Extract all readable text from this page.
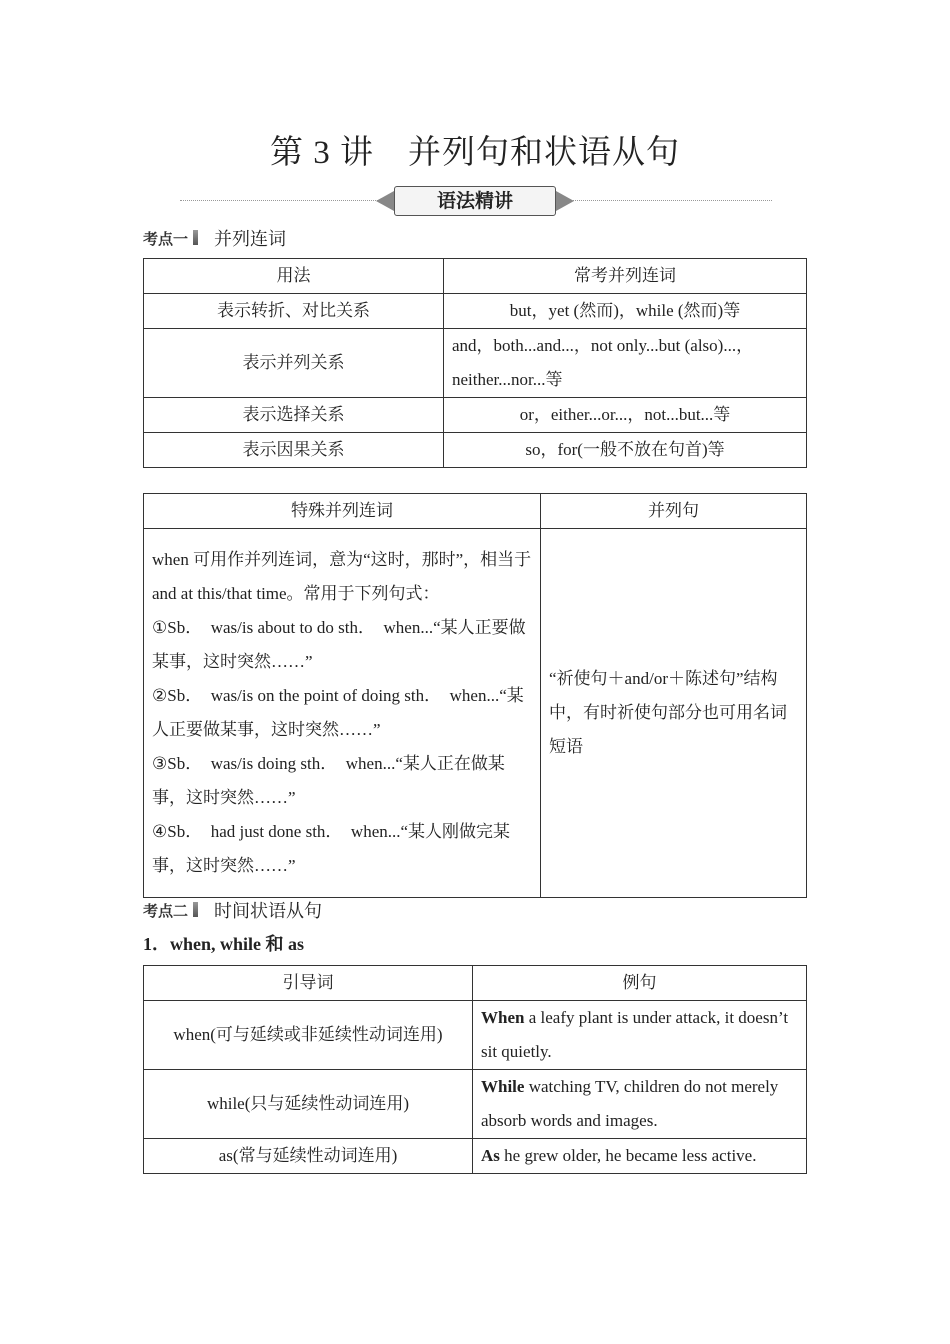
第 3 讲　并列句和状语从句
语法精讲
考点一	并列连词
用法	常考并列连词
表示转折、对比关系	but，yet (然而)，while (然而)等
表示并列关系	and，both...and...，not only...but (also)...，neither...nor...等
表示选择关系	or，either...or...，not...but...等
表示因果关系	so，for(一般不放在句首)等
特殊并列连词	并列句

when 可用作并列连词，意为“这时，那时”，相当于 and at this/that time。常用于下列句式：
①Sb．　was/is about to do sth．　when...“某人正要做某事，这时突然……”
②Sb．　was/is on the point of doing sth．　when...“某人正要做某事，这时突然……”
③Sb．　was/is doing sth．　when...“某人正在做某事，这时突然……”
④Sb．　had just done sth．　when...“某人刚做完某事，这时突然……”	“祈使句＋and/or＋陈述句”结构中，有时祈使句部分也可用名词短语
考点二	时间状语从句
1．when, while 和 as
引导词	例句
when(可与延续或非延续性动词连用)	When a leafy plant is under attack, it doesn’t sit quietly.
while(只与延续性动词连用)	While watching TV, children do not merely absorb words and images.
as(常与延续性动词连用)	As he grew older, he became less active.
